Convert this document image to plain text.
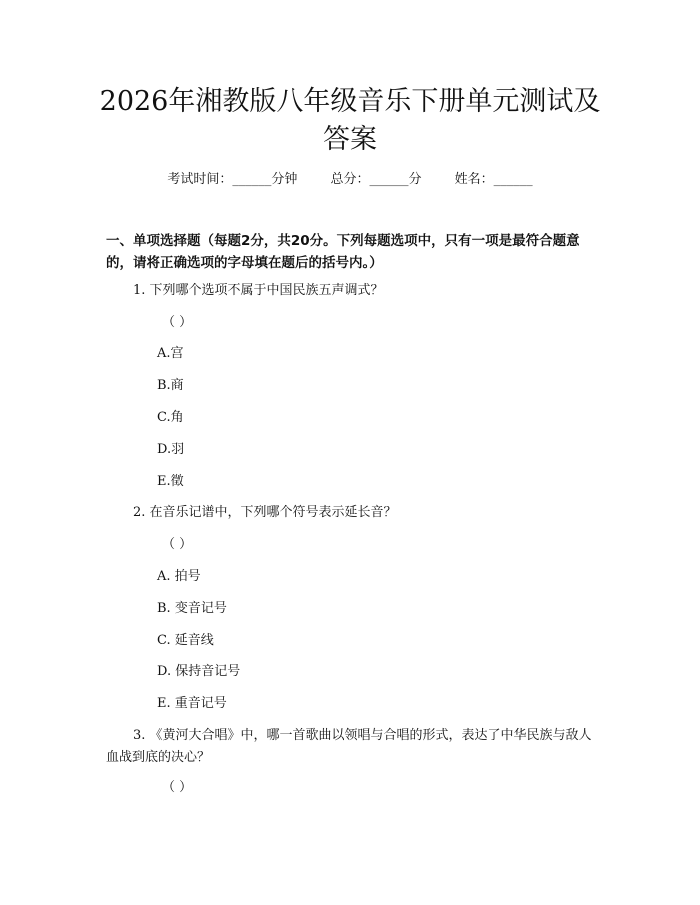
2026年湘教版八年级音乐下册单元测试及答案
考试时间：______分钟	总分：______分	姓名：______

一、单项选择题（每题2分，共20分。下列每题选项中，只有一项是最符合题意的，请将正确选项的字母填在题后的括号内。）

1. 下列哪个选项不属于中国民族五声调式？
（ ）
A.宫
B.商
C.角
D.羽
E.徵
2. 在音乐记谱中，下列哪个符号表示延长音？
（ ）
A. 拍号
B. 变音记号
C. 延音线
D. 保持音记号
E. 重音记号

3. 《黄河大合唱》中，哪一首歌曲以领唱与合唱的形式，表达了中华民族与敌人血战到底的决心？

（ ）
